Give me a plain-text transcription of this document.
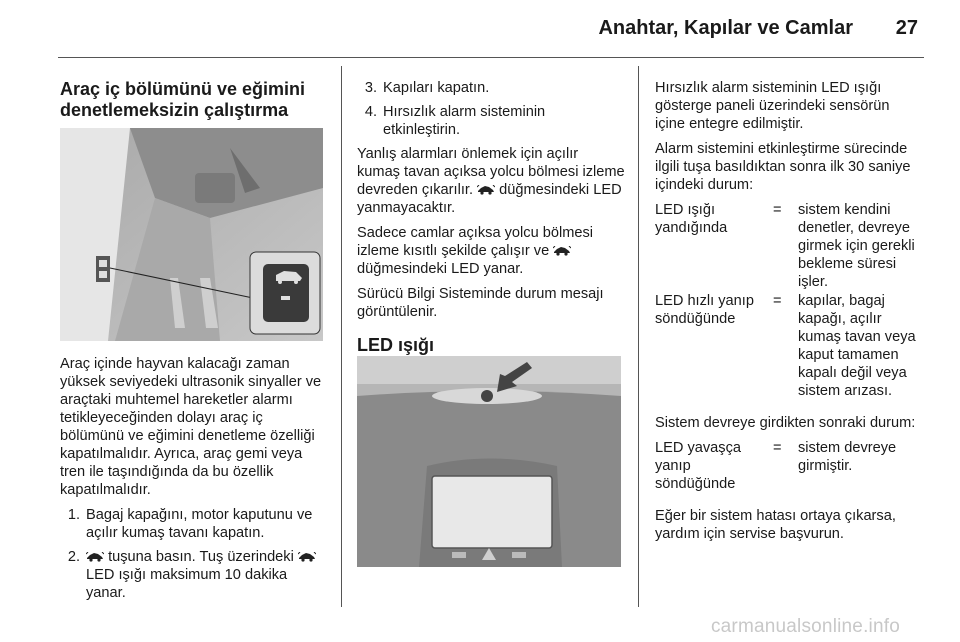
Anahtar, Kapılar ve Camlar 27
Araç iç bölümünü ve eğimini
denetlemeksizin çalıştırma

Araç içinde hayvan kalacağı zaman yüksek seviyedeki ultrasonik sinyaller ve araçtaki muhtemel hareketler alarmı tetikleyeceğinden dolayı araç iç bölümünü ve eğimini denetleme özelliği kapatılmalıdır. Ayrıca, araç gemi veya tren ile taşındığında da bu özellik kapatılmalıdır.

1. Bagaj kapağını, motor kaputunu ve açılır kumaş tavanı kapatın.
2.	tuşuna basın. Tuş üzerindeki  LED ışığı maksimum 10 dakika yanar.
3. Kapıları kapatın.
4. Hırsızlık alarm sisteminin etkinleştirin.

Yanlış alarmları önlemek için açılır kumaş tavan açıksa yolcu bölmesi izleme devreden çıkarılır. düğmesindeki LED yanmayacaktır.

Sadece camlar açıksa yolcu bölmesi izleme kısıtlı şekilde çalışır ve  düğmesindeki LED yanar.

Sürücü Bilgi Sisteminde durum mesajı görüntülenir.

LED ışığı

Hırsızlık alarm sisteminin LED ışığı gösterge paneli üzerindeki sensörün içine entegre edilmiştir.

Alarm sistemini etkinleştirme sürecinde ilgili tuşa basıldıktan sonra ilk 30 saniye içindeki durum:

LED ışığı yandığında
=	sistem kendini denetler, devreye girmek için gerekli bekleme süresi işler.
LED hızlı yanıp söndüğünde
=	kapılar, bagaj kapağı, açılır kumaş tavan veya kaput tamamen kapalı değil veya sistem arızası.

Sistem devreye girdikten sonraki durum:

LED yavaşça yanıp söndüğünde
=	sistem devreye girmiştir.

Eğer bir sistem hatası ortaya çıkarsa, yardım için servise başvurun.

carmanualsonline.info
